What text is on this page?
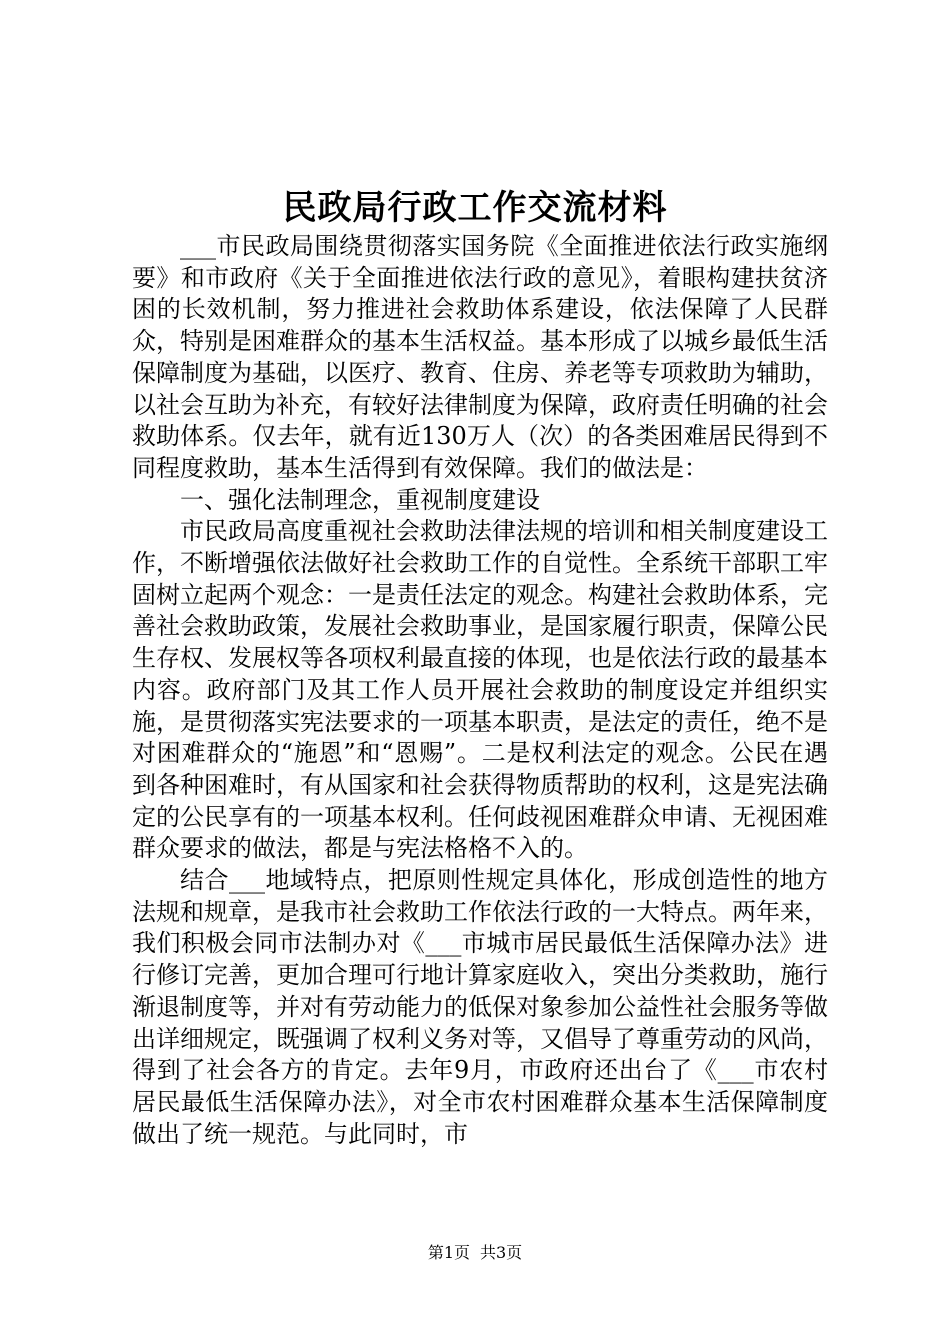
民政局行政工作交流材料

___市民政局围绕贯彻落实国务院《全面推进依法行政实施纲要》和市政府《关于全面推进依法行政的意见》，着眼构建扶贫济困的长效机制，努力推进社会救助体系建设，依法保障了人民群众，特别是困难群众的基本生活权益。基本形成了以城乡最低生活保障制度为基础，以医疗、教育、住房、养老等专项救助为辅助，以社会互助为补充，有较好法律制度为保障，政府责任明确的社会救助体系。仅去年，就有近130万人（次）的各类困难居民得到不同程度救助，基本生活得到有效保障。我们的做法是：

一、强化法制理念，重视制度建设

市民政局高度重视社会救助法律法规的培训和相关制度建设工作，不断增强依法做好社会救助工作的自觉性。全系统干部职工牢固树立起两个观念：一是责任法定的观念。构建社会救助体系，完善社会救助政策，发展社会救助事业，是国家履行职责，保障公民生存权、发展权等各项权利最直接的体现，也是依法行政的最基本内容。政府部门及其工作人员开展社会救助的制度设定并组织实施，是贯彻落实宪法要求的一项基本职责，是法定的责任，绝不是对困难群众的“施恩”和“恩赐”。二是权利法定的观念。公民在遇到各种困难时，有从国家和社会获得物质帮助的权利，这是宪法确定的公民享有的一项基本权利。任何歧视困难群众申请、无视困难群众要求的做法，都是与宪法格格不入的。

结合___地域特点，把原则性规定具体化，形成创造性的地方法规和规章，是我市社会救助工作依法行政的一大特点。两年来，我们积极会同市法制办对《___市城市居民最低生活保障办法》进行修订完善，更加合理可行地计算家庭收入，突出分类救助，施行渐退制度等，并对有劳动能力的低保对象参加公益性社会服务等做出详细规定，既强调了权利义务对等，又倡导了尊重劳动的风尚，得到了社会各方的肯定。去年9月，市政府还出台了《___市农村居民最低生活保障办法》，对全市农村困难群众基本生活保障制度做出了统一规范。与此同时，市

第1页 共3页
